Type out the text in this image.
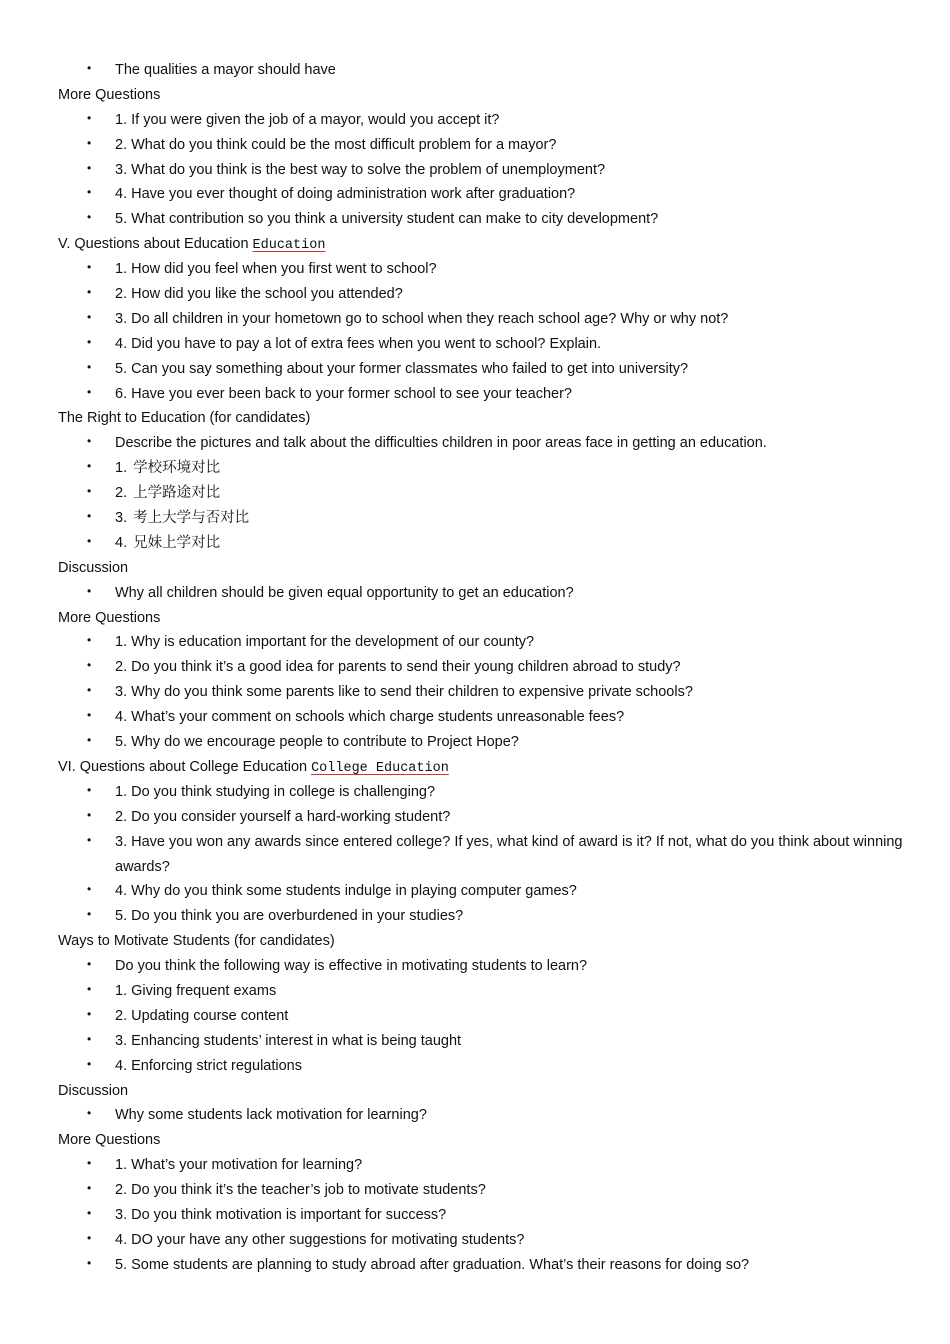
• The qualities a mayor should have
More Questions
• 1. If you were given the job of a mayor, would you accept it?
• 2. What do you think could be the most difficult problem for a mayor?
• 3. What do you think is the best way to solve the problem of unemployment?
• 4. Have you ever thought of doing administration work after graduation?
• 5. What contribution so you think a university student can make to city development?
V. Questions about Education Education
• 1. How did you feel when you first went to school?
• 2. How did you like the school you attended?
• 3. Do all children in your hometown go to school when they reach school age? Why or why not?
• 4. Did you have to pay a lot of extra fees when you went to school? Explain.
• 5. Can you say something about your former classmates who failed to get into university?
• 6. Have you ever been back to your former school to see your teacher?
The Right to Education (for candidates)
• Describe the pictures and talk about the difficulties children in poor areas face in getting an education.
• 1. 学校环境对比
• 2. 上学路途对比
• 3. 考上大学与否对比
• 4. 兄妹上学对比
Discussion
• Why all children should be given equal opportunity to get an education?
More Questions
• 1. Why is education important for the development of our county?
• 2. Do you think it’s a good idea for parents to send their young children abroad to study?
• 3. Why do you think some parents like to send their children to expensive private schools?
• 4. What’s your comment on schools which charge students unreasonable fees?
• 5. Why do we encourage people to contribute to Project Hope?
VI. Questions about College Education College Education
• 1. Do you think studying in college is challenging?
• 2. Do you consider yourself a hard-working student?
• 3. Have you won any awards since entered college? If yes, what kind of award is it? If not, what do you think about winning awards?
• 4. Why do you think some students indulge in playing computer games?
• 5. Do you think you are overburdened in your studies?
Ways to Motivate Students (for candidates)
• Do you think the following way is effective in motivating students to learn?
• 1. Giving frequent exams
• 2. Updating course content
• 3. Enhancing students’ interest in what is being taught
• 4. Enforcing strict regulations
Discussion
• Why some students lack motivation for learning?
More Questions
• 1. What’s your motivation for learning?
• 2. Do you think it’s the teacher’s job to motivate students?
• 3. Do you think motivation is important for success?
• 4. DO your have any other suggestions for motivating students?
• 5. Some students are planning to study abroad after graduation. What’s their reasons for doing so?
